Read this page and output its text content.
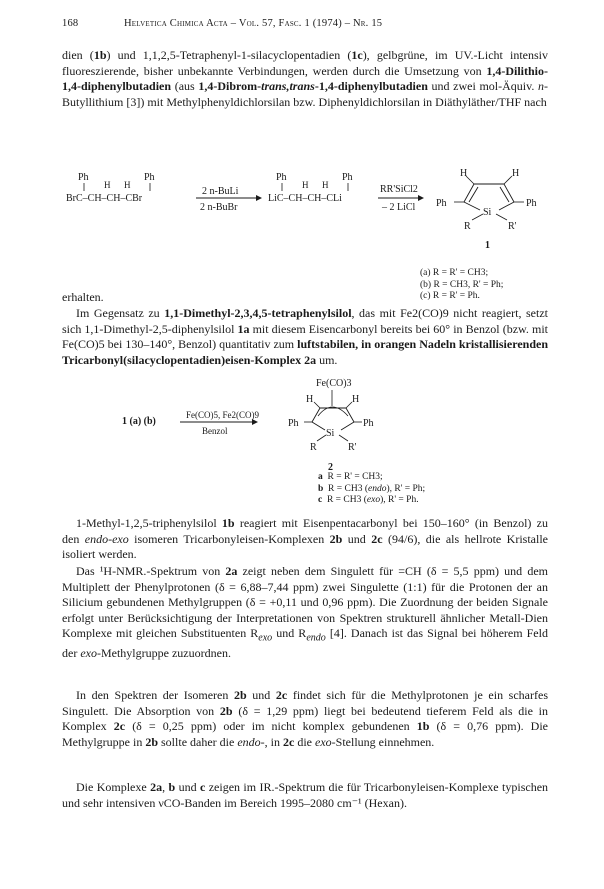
168	Helvetica Chimica Acta – Vol. 57, Fasc. 1 (1974) – Nr. 15

dien (1b) und 1,1,2,5-Tetraphenyl-1-silacyclopentadien (1c), gelbgrüne, im UV.-Licht intensiv fluoreszierende, bisher unbekannte Verbindungen, werden durch die Umsetzung von 1,4-Dilithio-1,4-diphenylbutadien (aus 1,4-Dibrom-trans,trans-1,4-diphenylbutadien und zwei mol-Äquiv. n-Butyllithium [3]) mit Methylphenyldichlorsilan bzw. Diphenyldichlorsilan in Diäthyläther/THF nach

Ph	Ph
H H
BrC–CH–CH–CBr
2 n-BuLi
2 n-BuBr
Ph	Ph
H H
LiC–CH–CH–CLi
RR'SiCl2
– 2 LiCl
H	H
Ph	Ph
Si
R	R'
1
(a) R = R' = CH3;
(b) R = CH3, R' = Ph;
(c) R = R' = Ph.

erhalten.

Im Gegensatz zu 1,1-Dimethyl-2,3,4,5-tetraphenylsilol, das mit Fe2(CO)9 nicht reagiert, setzt sich 1,1-Dimethyl-2,5-diphenylsilol 1a mit diesem Eisencarbonyl bereits bei 60° in Benzol (bzw. mit Fe(CO)5 bei 130–140°, Benzol) quantitativ zum luftstabilen, in orangen Nadeln kristallisierenden Tricarbonyl(silacyclopentadien)eisen-Komplex 2a um.

1 (a) (b)
Fe(CO)5, Fe2(CO)9
Benzol
Fe(CO)3
H	H
Ph	Ph
Si
R	R'
2
a R = R' = CH3;
b R = CH3 (endo), R' = Ph;
c R = CH3 (exo), R' = Ph.

1-Methyl-1,2,5-triphenylsilol 1b reagiert mit Eisenpentacarbonyl bei 150–160° (in Benzol) zu den endo-exo isomeren Tricarbonyleisen-Komplexen 2b und 2c (94/6), die als hellrote Kristalle isoliert werden.

Das ¹H-NMR.-Spektrum von 2a zeigt neben dem Singulett für =CH (δ = 5,5 ppm) und dem Multiplett der Phenylprotonen (δ = 6,88–7,44 ppm) zwei Singulette (1:1) für die Protonen der an Silicium gebundenen Methylgruppen (δ = +0,11 und 0,96 ppm). Die Zuordnung der beiden Signale erfolgt unter Berücksichtigung der Interpretationen von Spektren strukturell ähnlicher Metall-Dien Komplexe mit gleichen Substituenten $R_{exo}$ und $R_{endo}$ [4]. Danach ist das Signal bei höherem Feld der exo-Methylgruppe zuzuordnen.

In den Spektren der Isomeren 2b und 2c findet sich für die Methylprotonen je ein scharfes Singulett. Die Absorption von 2b (δ = 1,29 ppm) liegt bei bedeutend tieferem Feld als die in Komplex 2c (δ = 0,25 ppm) oder im nicht komplex gebundenen 1b (δ = 0,76 ppm). Die Methylgruppe in 2b sollte daher die endo-, in 2c die exo-Stellung einnehmen.

Die Komplexe 2a, b und c zeigen im IR.-Spektrum die für Tricarbonyleisen-Komplexe typischen und sehr intensiven νCO-Banden im Bereich 1995–2080 cm⁻¹ (Hexan).
